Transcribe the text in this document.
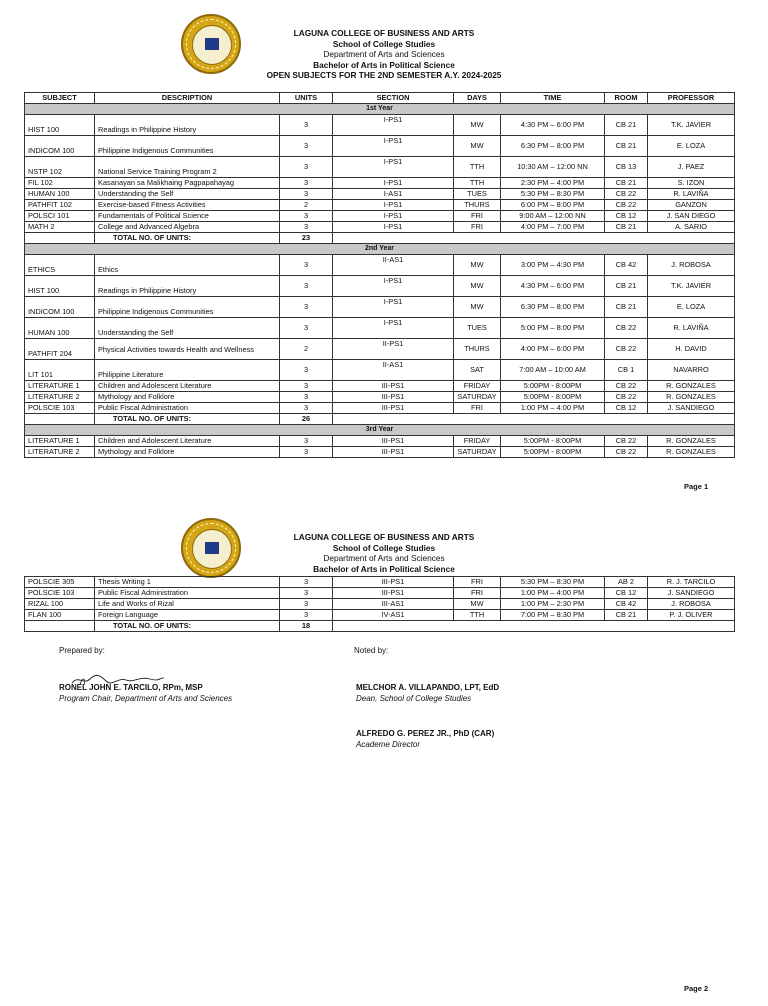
LAGUNA COLLEGE OF BUSINESS AND ARTS
School of College Studies
Department of Arts and Sciences
Bachelor of Arts in Political Science
OPEN SUBJECTS FOR THE 2ND SEMESTER A.Y. 2024-2025
SUBJECT	DESCRIPTION	UNITS	SECTION	DAYS	TIME	ROOM	PROFESSOR
1st Year							
HIST 100	Readings in Philippine History	3	I-PS1	MW	4:30 PM – 6:00 PM	CB 21	T.K. JAVIER
INDICOM 100	Philippine Indigenous Communities	3	I-PS1	MW	6:30 PM – 8:00 PM	CB 21	E. LOZA
NSTP 102	National Service Training Program 2	3	I-PS1	TTH	10:30 AM – 12:00 NN	CB 13	J. PAEZ
FIL 102	Kasanayan sa Malikhaing Pagpapahayag	3	I-PS1	TTH	2:30 PM – 4:00 PM	CB 21	S. IZON
HUMAN 100	Understanding the Self	3	I-AS1	TUES	5:30 PM – 8:30 PM	CB 22	R. LAVIÑA
PATHFIT 102	Exercise-based Fitness Activities	2	I-PS1	THURS	6:00 PM – 8:00 PM	CB 22	GANZON
POLSCI 101	Fundamentals of Political Science	3	I-PS1	FRI	9:00 AM – 12:00 NN	CB 12	J. SAN DIEGO
MATH 2	College and Advanced Algebra	3	I-PS1	FRI	4:00 PM – 7:00 PM	CB 21	A. SARIO
	TOTAL NO. OF UNITS:	23					
2nd Year							
ETHICS	Ethics	3	II-AS1	MW	3:00 PM – 4:30 PM	CB 42	J. ROBOSA
HIST 100	Readings in Philippine History	3	I-PS1	MW	4:30 PM – 6:00 PM	CB 21	T.K. JAVIER
INDICOM 100	Philippine Indigenous Communities	3	I-PS1	MW	6:30 PM – 8:00 PM	CB 21	E. LOZA
HUMAN 100	Understanding the Self	3	I-PS1	TUES	5:00 PM – 8:00 PM	CB 22	R. LAVIÑA
PATHFIT 204	Physical Activities towards Health and Wellness	2	II-PS1	THURS	4:00 PM – 6:00 PM	CB 22	H. DAVID
LIT 101	Philippine Literature	3	II-AS1	SAT	7:00 AM – 10:00 AM	CB 1	NAVARRO
LITERATURE 1	Children and Adolescent Literature	3	III-PS1	FRIDAY	5:00PM - 8:00PM	CB 22	R. GONZALES
LITERATURE 2	Mythology and Folklore	3	III-PS1	SATURDAY	5:00PM - 8:00PM	CB 22	R. GONZALES
POLSCIE 103	Public Fiscal Administration	3	III-PS1	FRI	1:00 PM – 4:00 PM	CB 12	J. SANDIEGO
	TOTAL NO. OF UNITS:	26					
3rd Year							
LITERATURE 1	Children and Adolescent Literature	3	III-PS1	FRIDAY	5:00PM - 8:00PM	CB 22	R. GONZALES
LITERATURE 2	Mythology and Folklore	3	III-PS1	SATURDAY	5:00PM - 8:00PM	CB 22	R. GONZALES
Page 1
LAGUNA COLLEGE OF BUSINESS AND ARTS
School of College Studies
Department of Arts and Sciences
Bachelor of Arts in Political Science
POLSCIE 305	Thesis Writing 1	3	III-PS1	FRI	5:30 PM – 8:30 PM	AB 2	R. J. TARCILO
POLSCIE 103	Public Fiscal Administration	3	III-PS1	FRI	1:00 PM – 4:00 PM	CB 12	J. SANDIEGO
RIZAL 100	Life and Works of Rizal	3	III-AS1	MW	1:00 PM – 2:30 PM	CB 42	J. ROBOSA
FLAN 100	Foreign Language	3	IV-AS1	TTH	7:00 PM – 8:30 PM	CB 21	P. J. OLIVER
	TOTAL NO. OF UNITS:	18					
Prepared by:	Noted by:
RONEL JOHN E. TARCILO, RPm, MSP
Program Chair, Department of Arts and Sciences
MELCHOR A. VILLAPANDO, LPT, EdD
Dean, School of College Studies
ALFREDO G. PEREZ JR., PhD (CAR)
Academe Director
Page 2
